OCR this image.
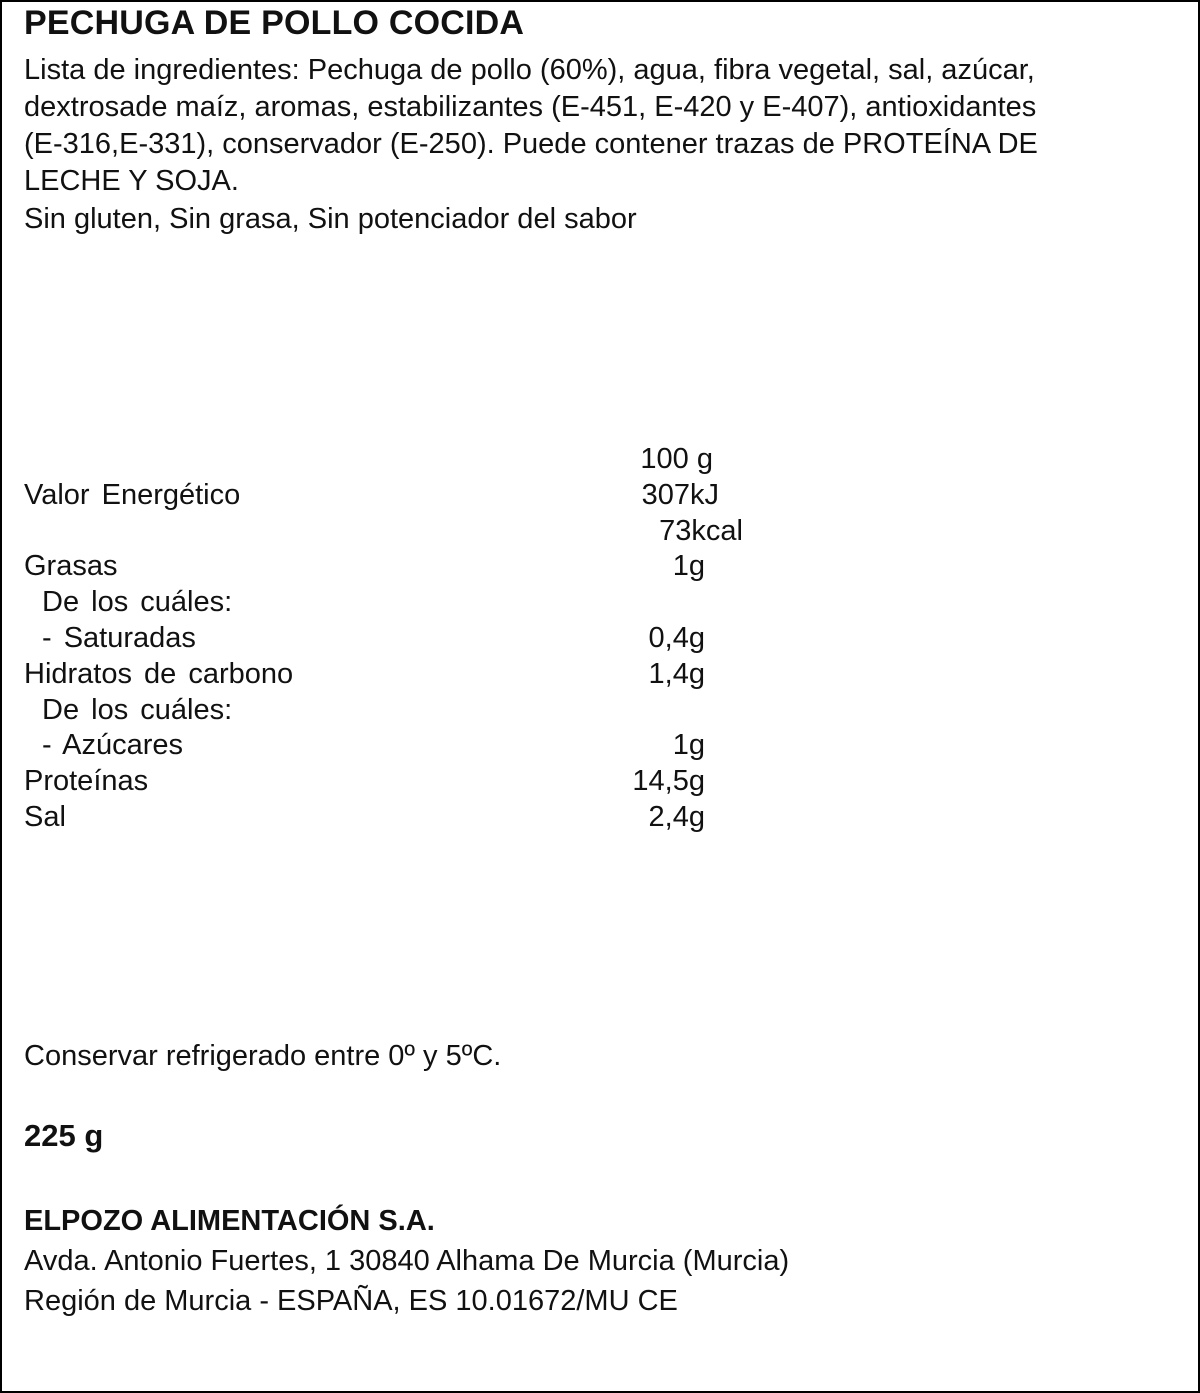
PECHUGA DE POLLO COCIDA
Lista de ingredientes: Pechuga de pollo (60%), agua, fibra vegetal, sal, azúcar,
dextrosade maíz, aromas, estabilizantes (E-451, E-420 y E-407), antioxidantes
(E-316,E-331), conservador (E-250). Puede contener trazas de PROTEÍNA DE
LECHE Y SOJA.
Sin gluten, Sin grasa, Sin potenciador del sabor
100 g
Valor Energético	307kJ
73kcal
Grasas	1g
De los cuáles:
- Saturadas	0,4g
Hidratos de carbono	1,4g
De los cuáles:
- Azúcares	1g
Proteínas	14,5g
Sal	2,4g
Conservar refrigerado entre 0º y 5ºC.
225 g
ELPOZO ALIMENTACIÓN S.A.
Avda. Antonio Fuertes, 1 30840 Alhama De Murcia (Murcia)
Región de Murcia - ESPAÑA, ES 10.01672/MU CE
